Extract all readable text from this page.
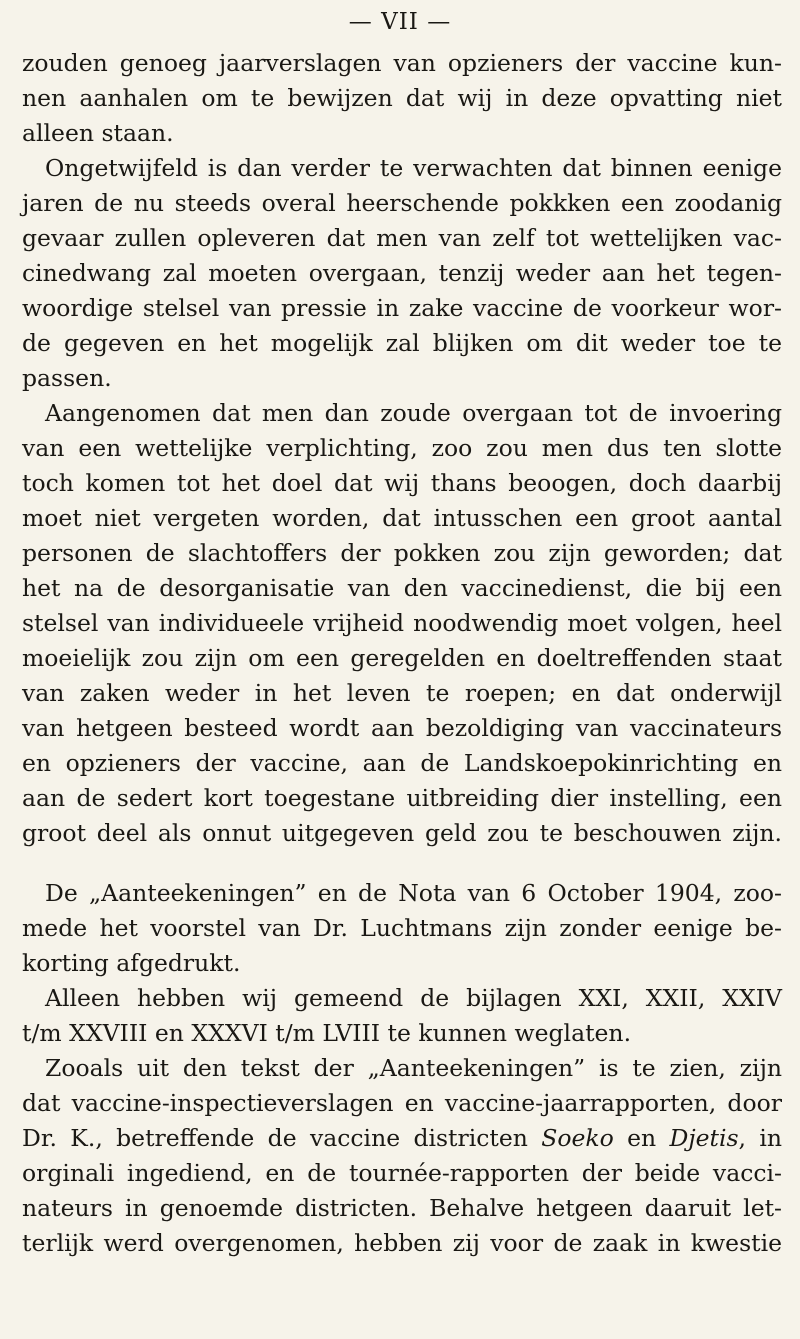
— VII —

zouden genoeg jaarverslagen van opzieners der vaccine kun-

nen aanhalen om te bewijzen dat wij in deze opvatting niet

alleen staan.

Ongetwijfeld is dan verder te verwachten dat binnen eenige

jaren de nu steeds overal heerschende pokkken een zoodanig

gevaar zullen opleveren dat men van zelf tot wettelijken vac-

cinedwang zal moeten overgaan, tenzij weder aan het tegen-

woordige stelsel van pressie in zake vaccine de voorkeur wor-

de gegeven en het mogelijk zal blijken om dit weder toe te

passen.

Aangenomen dat men dan zoude overgaan tot de invoering

van een wettelijke verplichting, zoo zou men dus ten slotte

toch komen tot het doel dat wij thans beoogen, doch daarbij

moet niet vergeten worden, dat intusschen een groot aantal

personen de slachtoffers der pokken zou zijn geworden; dat

het na de desorganisatie van den vaccinedienst, die bij een

stelsel van individueele vrijheid noodwendig moet volgen, heel

moeielijk zou zijn om een geregelden en doeltreffenden staat

van zaken weder in het leven te roepen; en dat onderwijl

van hetgeen besteed wordt aan bezoldiging van vaccinateurs

en opzieners der vaccine, aan de Landskoepokinrichting en

aan de sedert kort toegestane uitbreiding dier instelling, een

groot deel als onnut uitgegeven geld zou te beschouwen zijn.

De „Aanteekeningen” en de Nota van 6 October 1904, zoo-

mede het voorstel van Dr. Luchtmans zijn zonder eenige be-

korting afgedrukt.

Alleen hebben wij gemeend de bijlagen XXI, XXII, XXIV

t/m XXVIII en XXXVI t/m LVIII te kunnen weglaten.

Zooals uit den tekst der „Aanteekeningen” is te zien, zijn

dat vaccine-inspectieverslagen en vaccine-jaarrapporten, door

Dr. K., betreffende de vaccine districten Soeko en Djetis, in

orginali ingediend, en de tournée-rapporten der beide vacci-

nateurs in genoemde districten. Behalve hetgeen daaruit let-

terlijk werd overgenomen, hebben zij voor de zaak in kwestie
